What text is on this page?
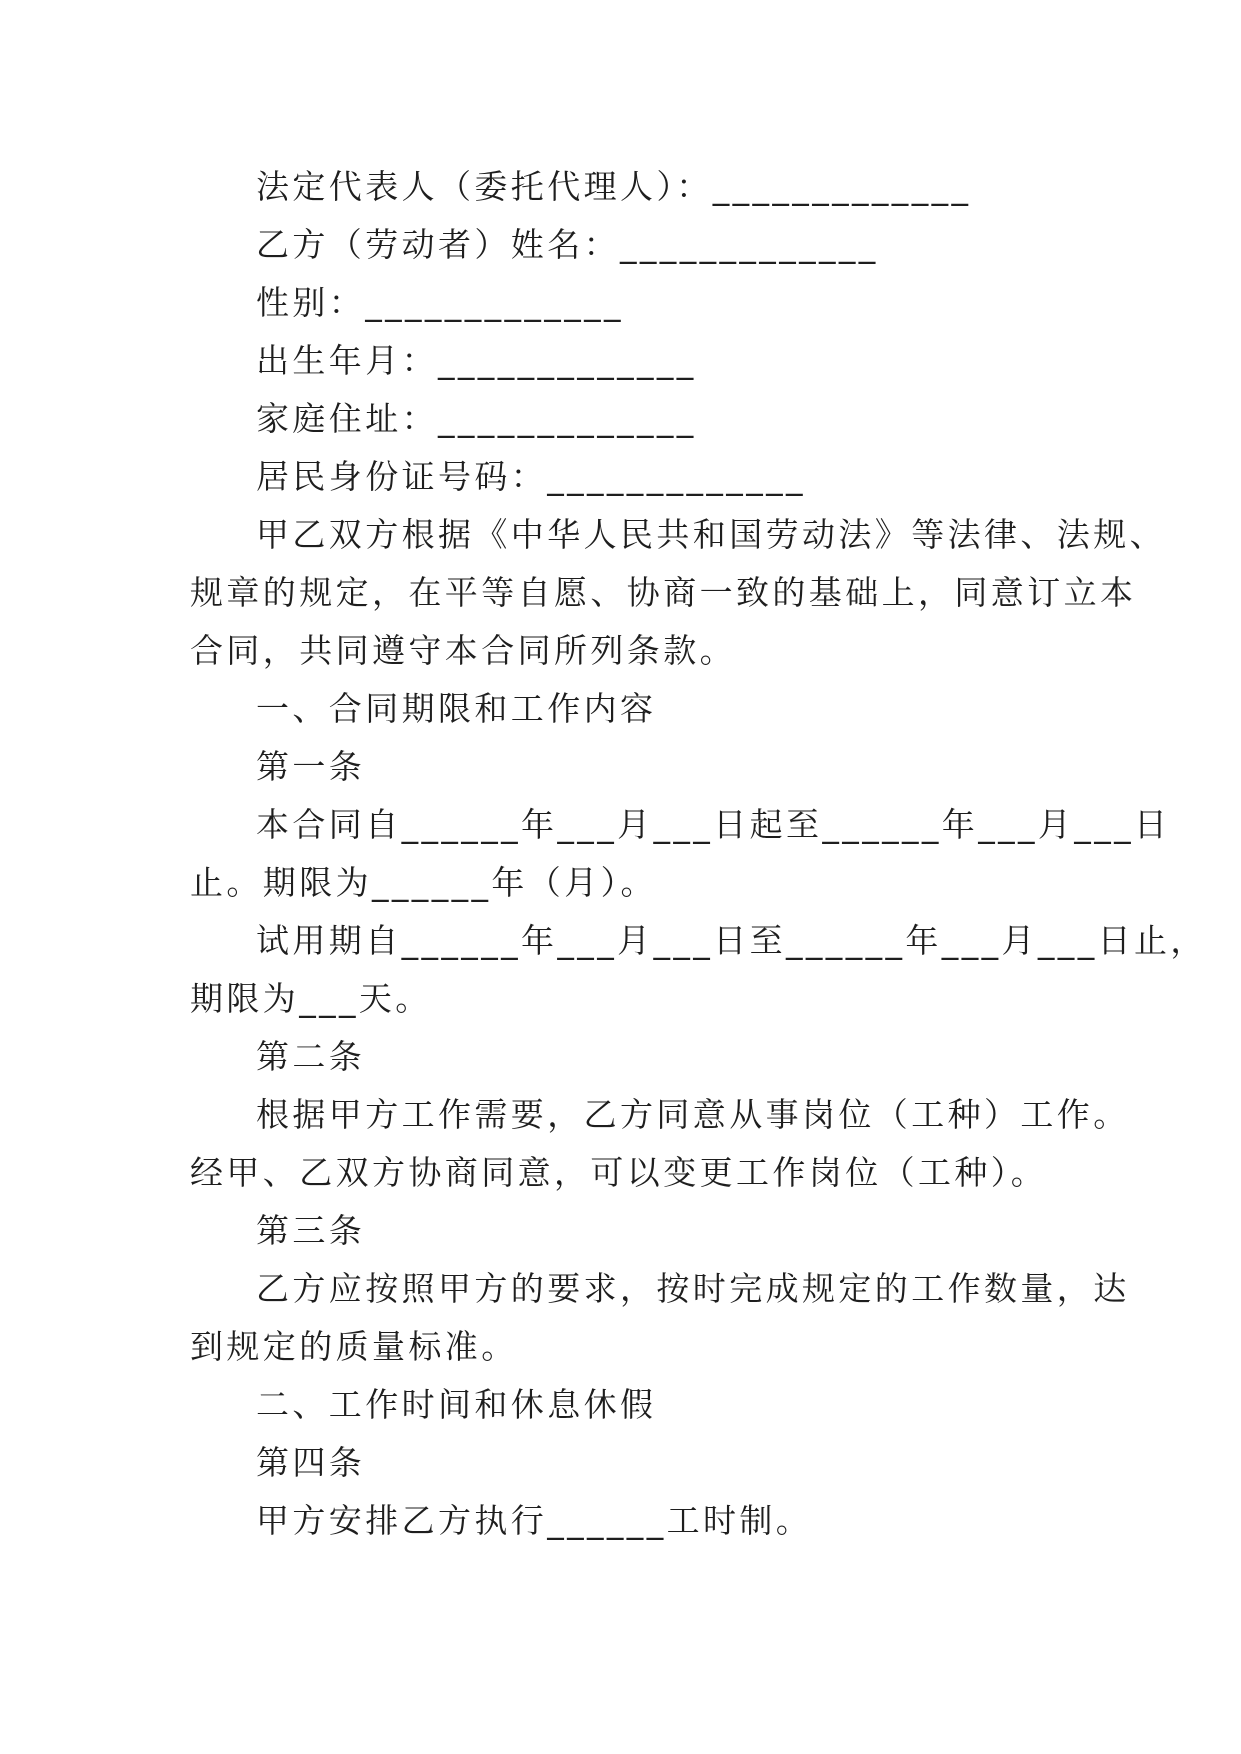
法定代表人（委托代理人）：_____________

乙方（劳动者）姓名：_____________

性别：_____________

出生年月：_____________

家庭住址：_____________

居民身份证号码：_____________

甲乙双方根据《中华人民共和国劳动法》等法律、法规、

规章的规定，在平等自愿、协商一致的基础上，同意订立本

合同，共同遵守本合同所列条款。

一、合同期限和工作内容

第一条

本合同自______年___月___日起至______年___月___日

止。期限为______年（月）。

试用期自______年___月___日至______年___月___日止，

期限为___天。

第二条

根据甲方工作需要，乙方同意从事岗位（工种）工作。

经甲、乙双方协商同意，可以变更工作岗位（工种）。

第三条

乙方应按照甲方的要求，按时完成规定的工作数量，达

到规定的质量标准。

二、工作时间和休息休假

第四条

甲方安排乙方执行______工时制。
